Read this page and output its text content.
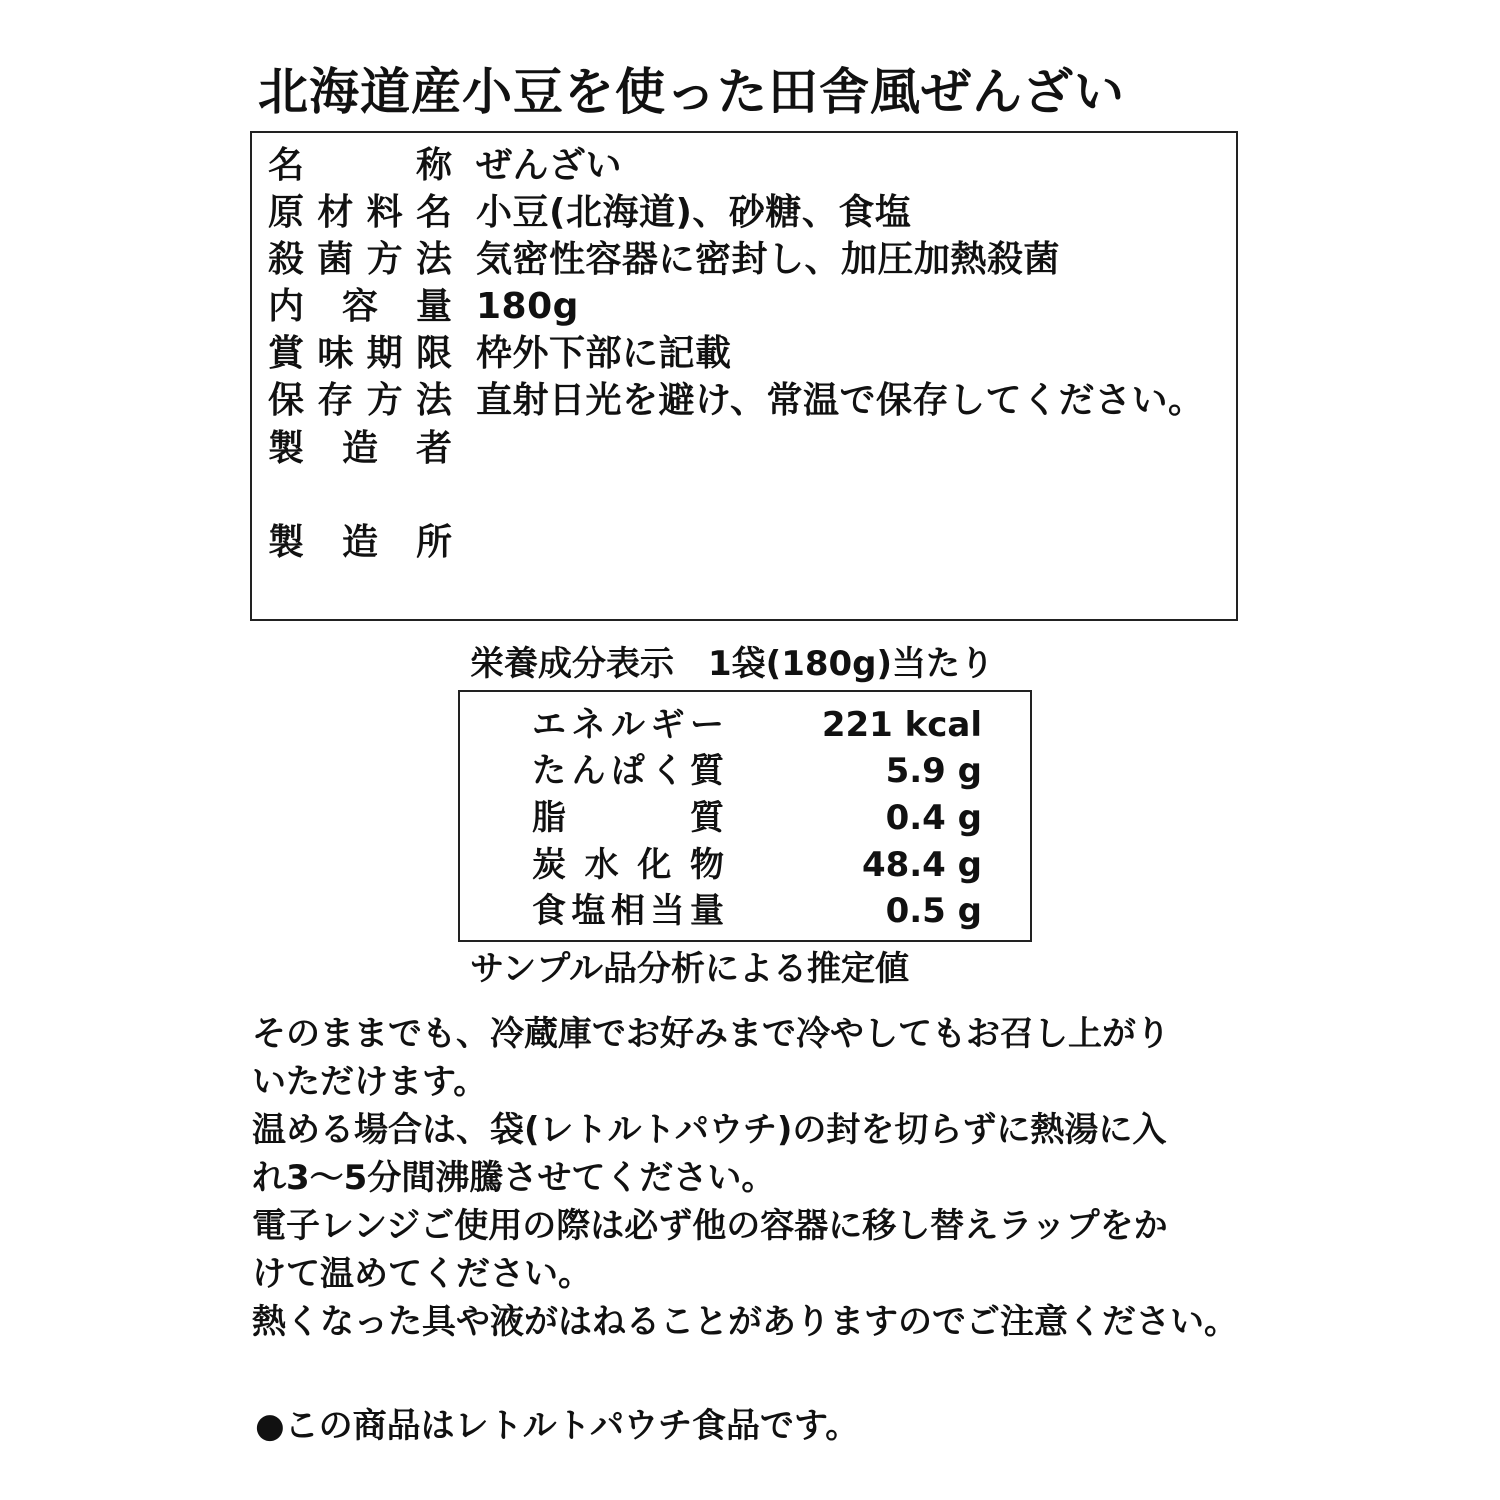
北海道産小豆を使った田舎風ぜんざい
名称 ぜんざい
原材料名 小豆(北海道)、砂糖、食塩
殺菌方法 気密性容器に密封し、加圧加熱殺菌
内容量 180g
賞味期限 枠外下部に記載
保存方法 直射日光を避け、常温で保存してください。
製造者
製造所
栄養成分表示　1袋(180g)当たり
エネルギー	221 kcal
たんぱく質	5.9 g
脂質	0.4 g
炭水化物	48.4 g
食塩相当量	0.5 g
サンプル品分析による推定値
そのままでも、冷蔵庫でお好みまで冷やしてもお召し上がり
いただけます。
温める場合は、袋(レトルトパウチ)の封を切らずに熱湯に入
れ3～5分間沸騰させてください。
電子レンジご使用の際は必ず他の容器に移し替えラップをか
けて温めてください。
熱くなった具や液がはねることがありますのでご注意ください。
●この商品はレトルトパウチ食品です。
